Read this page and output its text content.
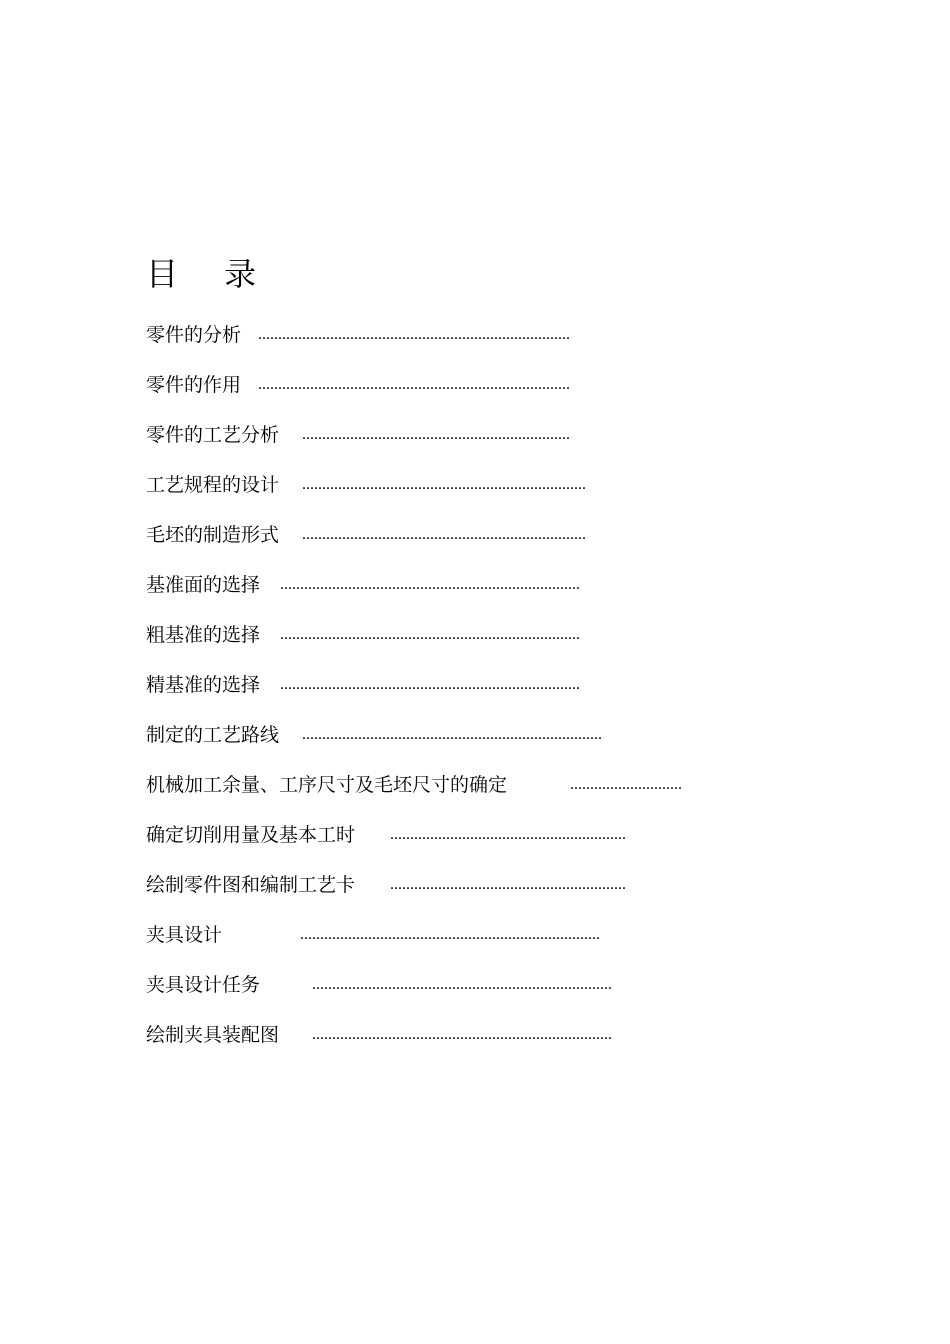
目 录
零件的分析 ..............................................................................
零件的作用 ..............................................................................
零件的工艺分析 ...................................................................
工艺规程的设计 .......................................................................
毛坯的制造形式 .......................................................................
基准面的选择 ...........................................................................
粗基准的选择 ...........................................................................
精基准的选择 ...........................................................................
制定的工艺路线 ...........................................................................
机械加工余量、工序尺寸及毛坯尺寸的确定	............................
确定切削用量及基本工时 ...........................................................
绘制零件图和编制工艺卡 ...........................................................
夹具设计	...........................................................................
夹具设计任务	...........................................................................
绘制夹具装配图 ...........................................................................
